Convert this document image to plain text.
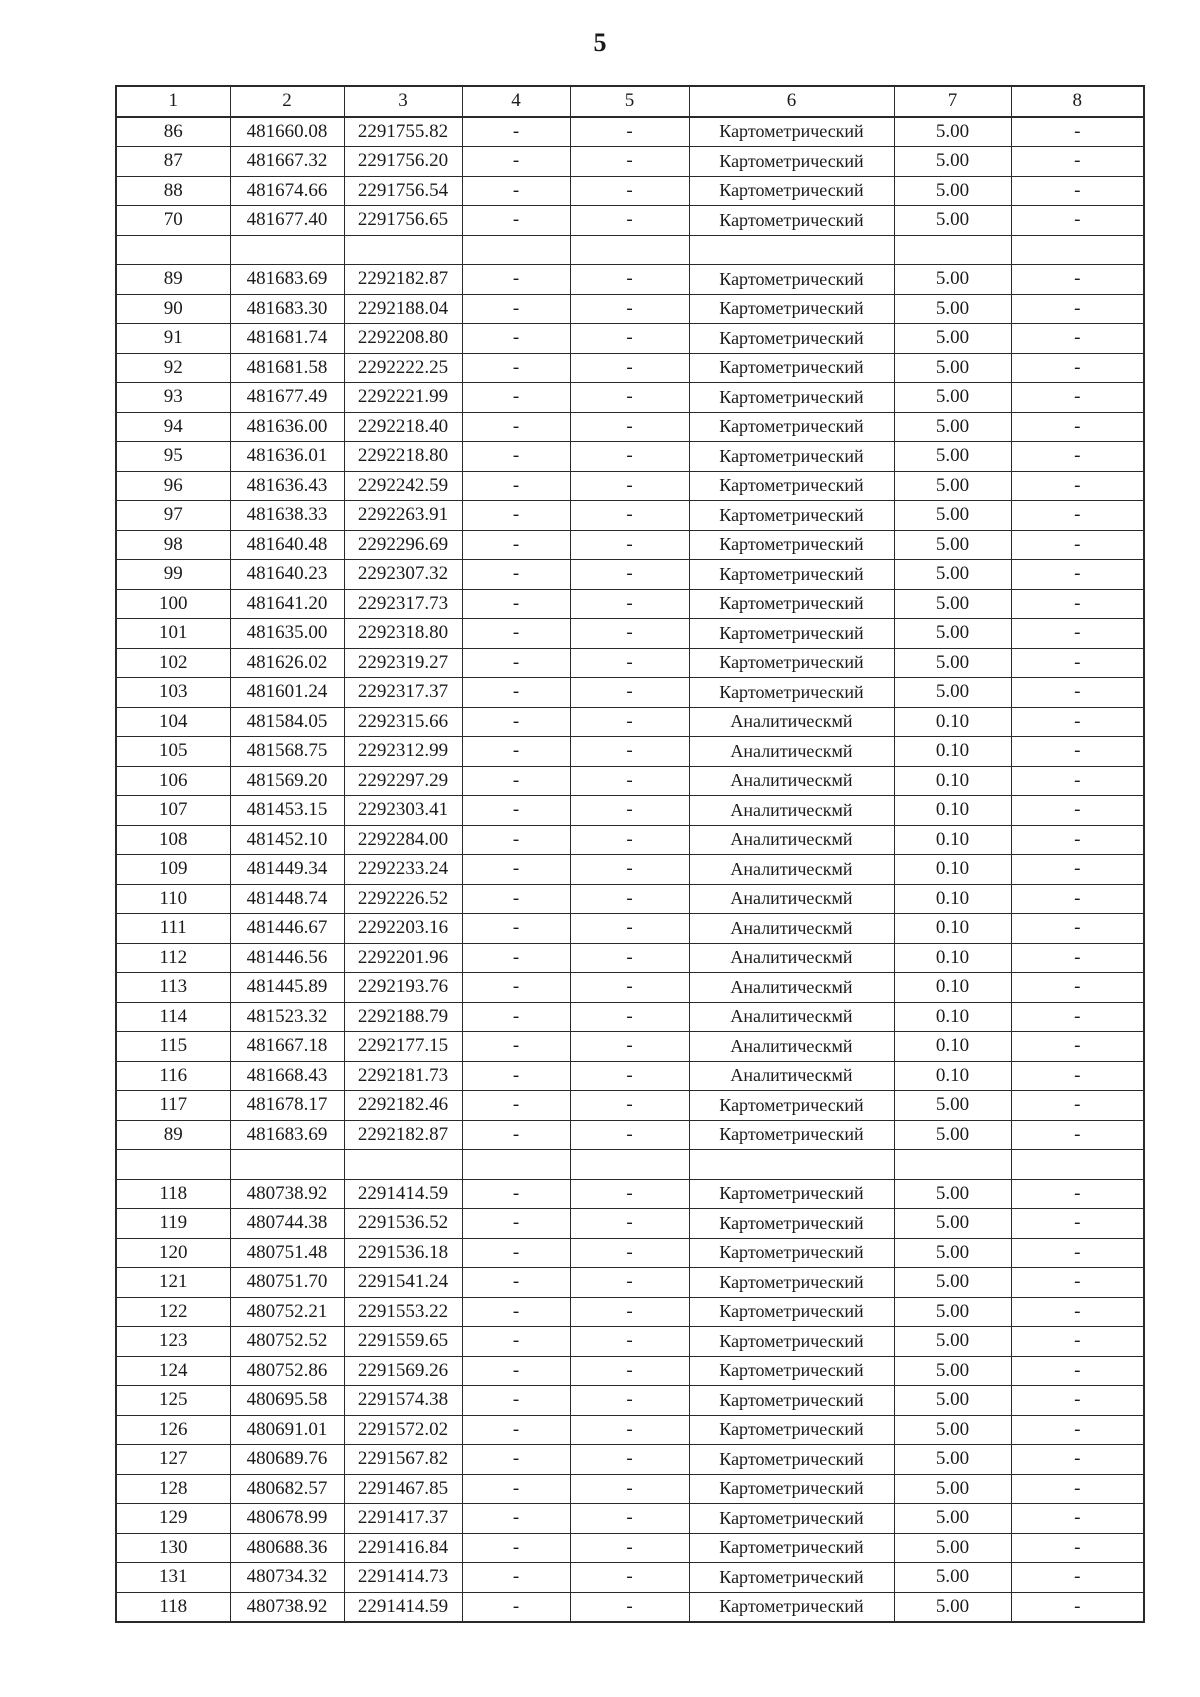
5
1	2	3	4	5	6	7	8
86	481660.08	2291755.82	-	-	Картометрический	5.00	-
87	481667.32	2291756.20	-	-	Картометрический	5.00	-
88	481674.66	2291756.54	-	-	Картометрический	5.00	-
70	481677.40	2291756.65	-	-	Картометрический	5.00	-

89	481683.69	2292182.87	-	-	Картометрический	5.00	-
90	481683.30	2292188.04	-	-	Картометрический	5.00	-
91	481681.74	2292208.80	-	-	Картометрический	5.00	-
92	481681.58	2292222.25	-	-	Картометрический	5.00	-
93	481677.49	2292221.99	-	-	Картометрический	5.00	-
94	481636.00	2292218.40	-	-	Картометрический	5.00	-
95	481636.01	2292218.80	-	-	Картометрический	5.00	-
96	481636.43	2292242.59	-	-	Картометрический	5.00	-
97	481638.33	2292263.91	-	-	Картометрический	5.00	-
98	481640.48	2292296.69	-	-	Картометрический	5.00	-
99	481640.23	2292307.32	-	-	Картометрический	5.00	-
100	481641.20	2292317.73	-	-	Картометрический	5.00	-
101	481635.00	2292318.80	-	-	Картометрический	5.00	-
102	481626.02	2292319.27	-	-	Картометрический	5.00	-
103	481601.24	2292317.37	-	-	Картометрический	5.00	-
104	481584.05	2292315.66	-	-	Аналитическмй	0.10	-
105	481568.75	2292312.99	-	-	Аналитическмй	0.10	-
106	481569.20	2292297.29	-	-	Аналитическмй	0.10	-
107	481453.15	2292303.41	-	-	Аналитическмй	0.10	-
108	481452.10	2292284.00	-	-	Аналитическмй	0.10	-
109	481449.34	2292233.24	-	-	Аналитическмй	0.10	-
110	481448.74	2292226.52	-	-	Аналитическмй	0.10	-
111	481446.67	2292203.16	-	-	Аналитическмй	0.10	-
112	481446.56	2292201.96	-	-	Аналитическмй	0.10	-
113	481445.89	2292193.76	-	-	Аналитическмй	0.10	-
114	481523.32	2292188.79	-	-	Аналитическмй	0.10	-
115	481667.18	2292177.15	-	-	Аналитическмй	0.10	-
116	481668.43	2292181.73	-	-	Аналитическмй	0.10	-
117	481678.17	2292182.46	-	-	Картометрический	5.00	-
89	481683.69	2292182.87	-	-	Картометрический	5.00	-

118	480738.92	2291414.59	-	-	Картометрический	5.00	-
119	480744.38	2291536.52	-	-	Картометрический	5.00	-
120	480751.48	2291536.18	-	-	Картометрический	5.00	-
121	480751.70	2291541.24	-	-	Картометрический	5.00	-
122	480752.21	2291553.22	-	-	Картометрический	5.00	-
123	480752.52	2291559.65	-	-	Картометрический	5.00	-
124	480752.86	2291569.26	-	-	Картометрический	5.00	-
125	480695.58	2291574.38	-	-	Картометрический	5.00	-
126	480691.01	2291572.02	-	-	Картометрический	5.00	-
127	480689.76	2291567.82	-	-	Картометрический	5.00	-
128	480682.57	2291467.85	-	-	Картометрический	5.00	-
129	480678.99	2291417.37	-	-	Картометрический	5.00	-
130	480688.36	2291416.84	-	-	Картометрический	5.00	-
131	480734.32	2291414.73	-	-	Картометрический	5.00	-
118	480738.92	2291414.59	-	-	Картометрический	5.00	-
